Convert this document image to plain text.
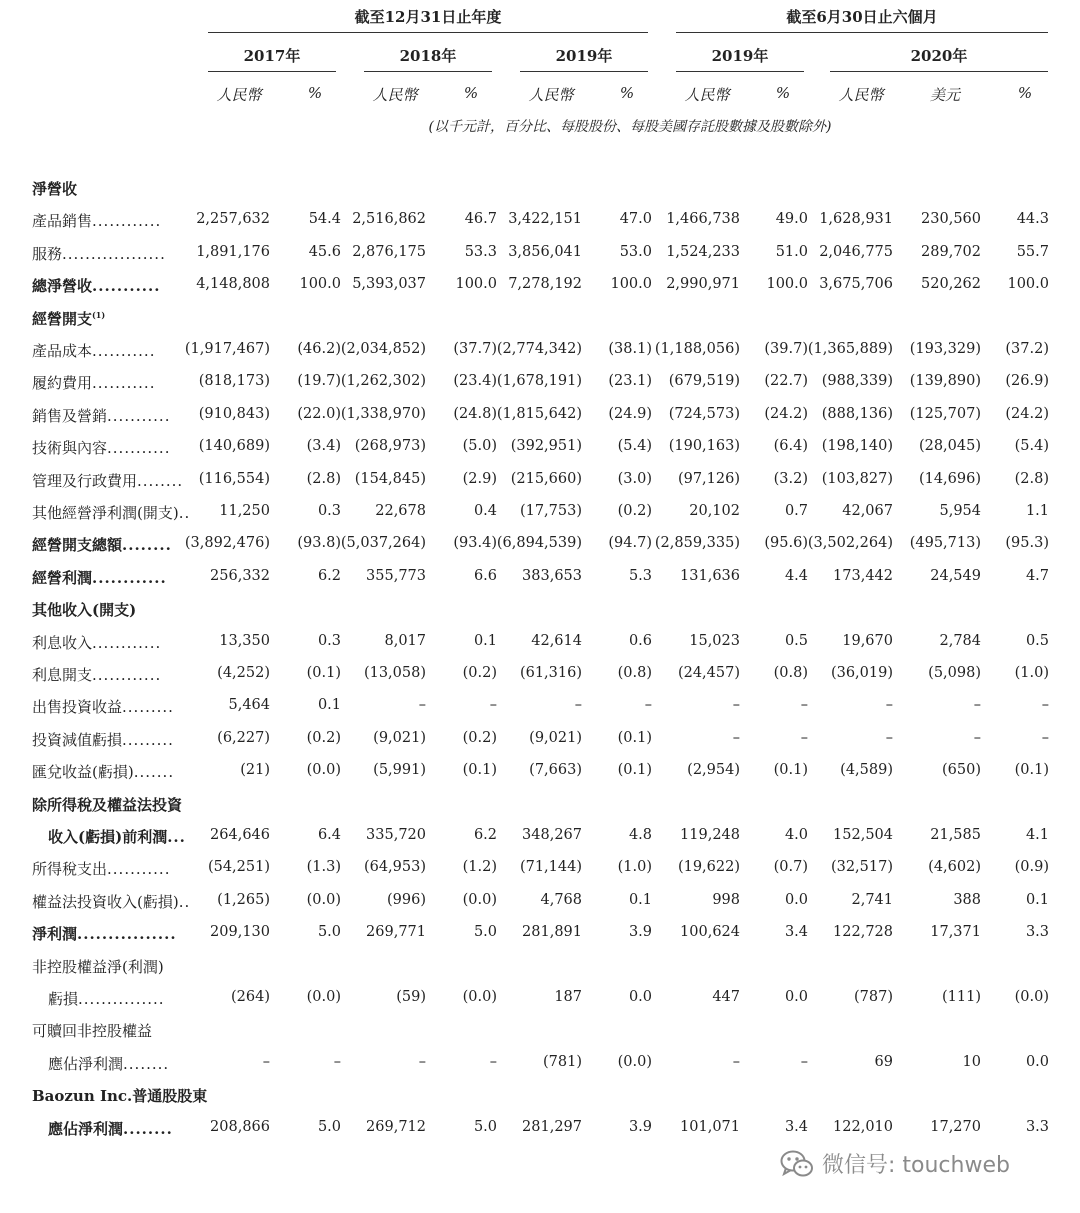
截至12月31日止年度	截至6月30日止六個月
2017年	2018年	2019年	2019年	2020年
人民幣	%	人民幣	%	人民幣	%	人民幣	%	人民幣	美元	%
(以千元計，百分比、每股股份、每股美國存託股數據及股數除外)
淨營收
產品銷售............	2,257,632	54.4 2,516,862	46.7 3,422,151	47.0 1,466,738	49.0 1,628,931	230,560	44.3
服務..................	1,891,176	45.6 2,876,175	53.3 3,856,041	53.0 1,524,233	51.0 2,046,775	289,702	55.7
總淨營收...........	4,148,808	100.0 5,393,037	100.0 7,278,192	100.0 2,990,971	100.0 3,675,706	520,262	100.0
經營開支$^{(1)}$
產品成本...........	(1,917,467)	(46.2) (2,034,852)	(37.7) (2,774,342)	(38.1) (1,188,056)	(39.7) (1,365,889)	(193,329)	(37.2)
履約費用...........	(818,173)	(19.7) (1,262,302)	(23.4) (1,678,191)	(23.1)	(679,519)	(22.7) (988,339)	(139,890)	(26.9)
銷售及營銷...........	(910,843)	(22.0) (1,338,970)	(24.8) (1,815,642)	(24.9)	(724,573)	(24.2) (888,136)	(125,707)	(24.2)
技術與內容...........	(140,689)	(3.4) (268,973)	(5.0) (392,951)	(5.4)	(190,163)	(6.4) (198,140)	(28,045)	(5.4)
管理及行政費用........	(116,554)	(2.8) (154,845)	(2.9) (215,660)	(3.0)	(97,126)	(3.2) (103,827)	(14,696)	(2.8)
其他經營淨利潤(開支)..	11,250	0.3	22,678	0.4	(17,753)	(0.2)	20,102	0.7	42,067	5,954	1.1
經營開支總額........ (3,892,476)	(93.8) (5,037,264)	(93.4) (6,894,539)	(94.7) (2,859,335)	(95.6) (3,502,264)	(495,713)	(95.3)
經營利潤............	256,332	6.2	355,773	6.6	383,653	5.3	131,636	4.4	173,442	24,549	4.7
其他收入(開支)
利息收入............	13,350	0.3	8,017	0.1	42,614	0.6	15,023	0.5	19,670	2,784	0.5
利息開支............	(4,252)	(0.1)	(13,058)	(0.2)	(61,316)	(0.8)	(24,457)	(0.8)	(36,019)	(5,098)	(1.0)
出售投資收益.........	5,464	0.1	–	–	–	–	–	–	–	–	–
投資減值虧損.........	(6,227)	(0.2)	(9,021)	(0.2)	(9,021)	(0.1)	–	–	–	–	–
匯兌收益(虧損).......	(21)	(0.0)	(5,991)	(0.1)	(7,663)	(0.1)	(2,954)	(0.1)	(4,589)	(650)	(0.1)
除所得稅及權益法投資
收入(虧損)前利潤...	264,646	6.4	335,720	6.2	348,267	4.8	119,248	4.0	152,504	21,585	4.1
所得稅支出...........	(54,251)	(1.3)	(64,953)	(1.2)	(71,144)	(1.0)	(19,622)	(0.7)	(32,517)	(4,602)	(0.9)
權益法投資收入(虧損)..	(1,265)	(0.0)	(996)	(0.0)	4,768	0.1	998	0.0	2,741	388	0.1
淨利潤................	209,130	5.0	269,771	5.0	281,891	3.9	100,624	3.4	122,728	17,371	3.3
非控股權益淨(利潤)
虧損...............	(264)	(0.0)	(59)	(0.0)	187	0.0	447	0.0	(787)	(111)	(0.0)
可贖回非控股權益
應佔淨利潤........	–	–	–	–	(781)	(0.0)	–	–	69	10	0.0
Baozun Inc.普通股股東
應佔淨利潤........	208,866	5.0	269,712	5.0	281,297	3.9	101,071	3.4	122,010	17,270	3.3
微信号: touchweb
